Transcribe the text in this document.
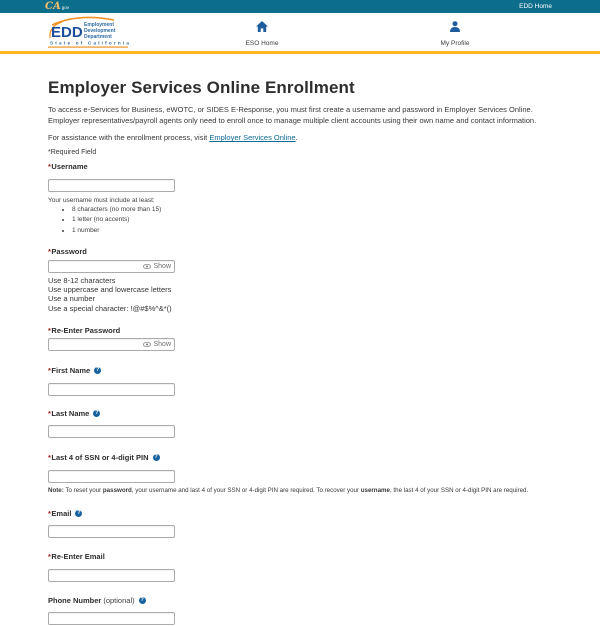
CA gov	EDD Home
EDD Employment
Development
Department
State of California	ESO Home	My Profile
Employer Services Online Enrollment

To access e-Services for Business, eWOTC, or SIDES E-Response, you must first create a username and password in Employer Services Online. Employer representatives/payroll agents only need to enroll once to manage multiple client accounts using their own name and contact information.

For assistance with the enrollment process, visit Employer Services Online.

*Required Field

* Username
Your username must include at least:
• 8 characters (no more than 15)
• 1 letter (no accents)
• 1 number
* Password
Show
Use 8-12 characters
Use uppercase and lowercase letters
Use a number
Use a special character: !@#$%^&*()
* Re-Enter Password
Show
* First Name	?
* Last Name	?
* Last 4 of SSN or 4-digit PIN	?

Note: To reset your password, your username and last 4 of your SSN or 4-digit PIN are required. To recover your username, the last 4 of your SSN or 4-digit PIN are required.

* Email	?
* Re-Enter Email
Phone Number (optional)	?
